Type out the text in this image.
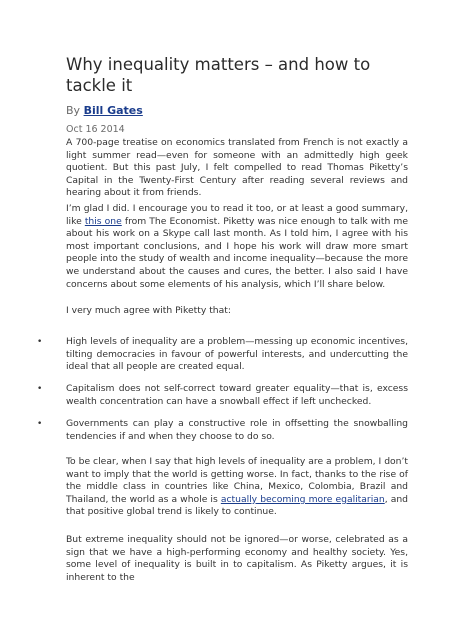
Why inequality matters – and how to tackle it
By Bill Gates
Oct 16 2014

A 700-page treatise on economics translated from French is not exactly a light summer read—even for someone with an admittedly high geek quotient. But this past July, I felt compelled to read Thomas Piketty’s Capital in the Twenty-First Century after reading several reviews and hearing about it from friends.

I’m glad I did. I encourage you to read it too, or at least a good summary, like this one from The Economist. Piketty was nice enough to talk with me about his work on a Skype call last month. As I told him, I agree with his most important conclusions, and I hope his work will draw more smart people into the study of wealth and income inequality—because the more we understand about the causes and cures, the better. I also said I have concerns about some elements of his analysis, which I’ll share below.

I very much agree with Piketty that:

•	High levels of inequality are a problem—messing up economic incentives, tilting democracies in favour of powerful interests, and undercutting the ideal that all people are created equal.

•	Capitalism does not self-correct toward greater equality—that is, excess wealth concentration can have a snowball effect if left unchecked.

•	Governments can play a constructive role in offsetting the snowballing tendencies if and when they choose to do so.

To be clear, when I say that high levels of inequality are a problem, I don’t want to imply that the world is getting worse. In fact, thanks to the rise of the middle class in countries like China, Mexico, Colombia, Brazil and Thailand, the world as a whole is actually becoming more egalitarian, and that positive global trend is likely to continue.

But extreme inequality should not be ignored—or worse, celebrated as a sign that we have a high-performing economy and healthy society. Yes, some level of inequality is built in to capitalism. As Piketty argues, it is inherent to the
